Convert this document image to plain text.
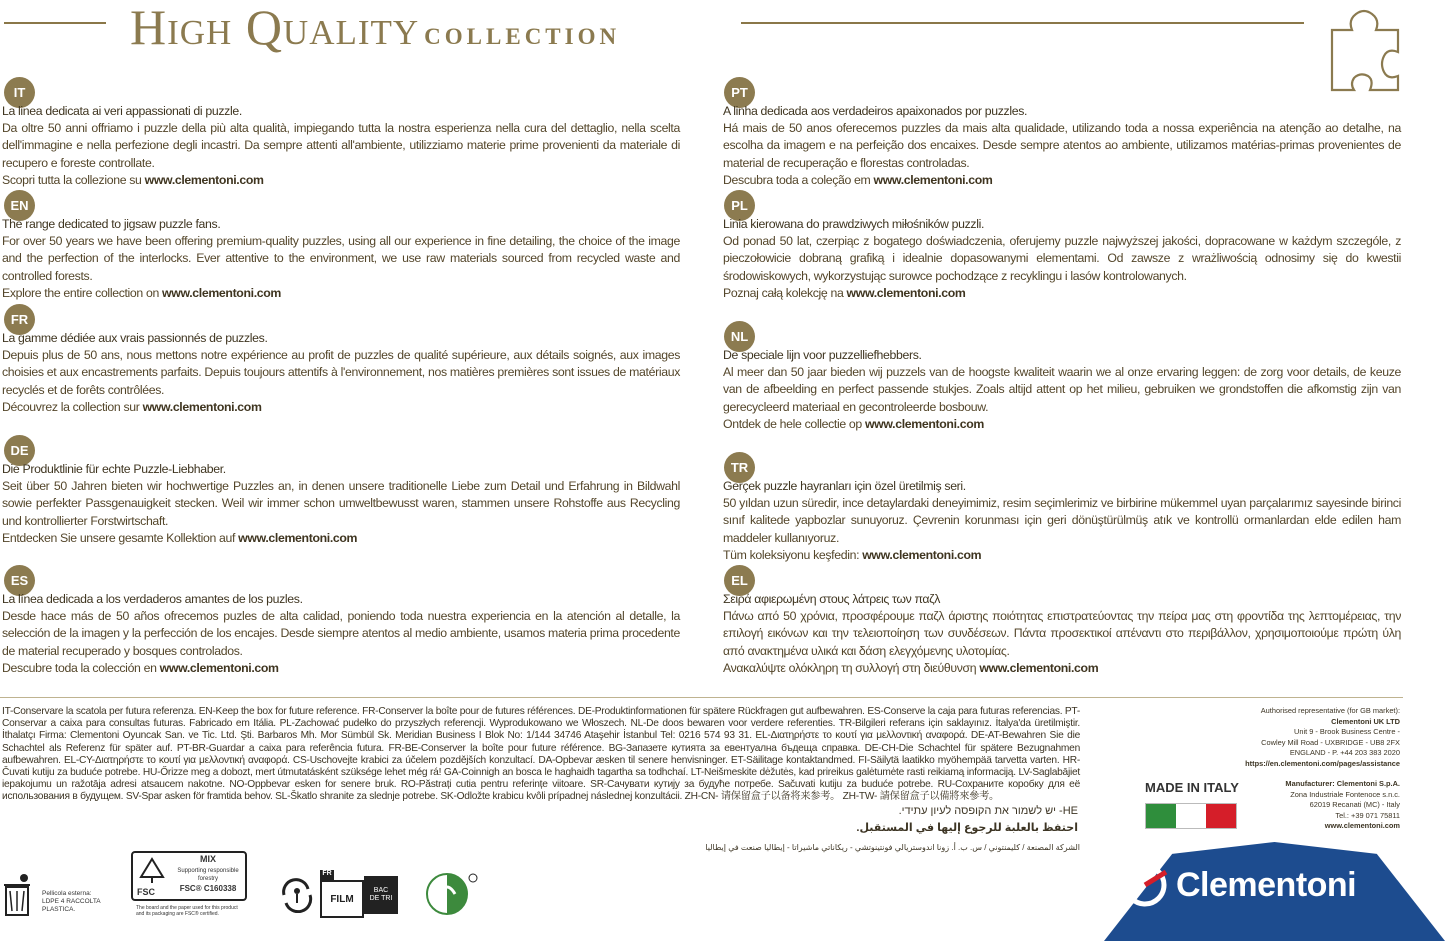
High Quality collection
IT
La linea dedicata ai veri appassionati di puzzle.
Da oltre 50 anni offriamo i puzzle della più alta qualità, impiegando tutta la nostra esperienza nella cura del dettaglio, nella scelta dell'immagine e nella perfezione degli incastri. Da sempre attenti all'ambiente, utilizziamo materie prime provenienti da materiale di recupero e foreste controllate.
Scopri tutta la collezione su www.clementoni.com
EN
The range dedicated to jigsaw puzzle fans.
For over 50 years we have been offering premium-quality puzzles, using all our experience in fine detailing, the choice of the image and the perfection of the interlocks. Ever attentive to the environment, we use raw materials sourced from recycled waste and controlled forests.
Explore the entire collection on www.clementoni.com
FR
La gamme dédiée aux vrais passionnés de puzzles.
Depuis plus de 50 ans, nous mettons notre expérience au profit de puzzles de qualité supérieure, aux détails soignés, aux images choisies et aux encastrements parfaits. Depuis toujours attentifs à l'environnement, nos matières premières sont issues de matériaux recyclés et de forêts contrôlées.
Découvrez la collection sur www.clementoni.com
DE
Die Produktlinie für echte Puzzle-Liebhaber.
Seit über 50 Jahren bieten wir hochwertige Puzzles an, in denen unsere traditionelle Liebe zum Detail und Erfahrung in Bildwahl sowie perfekter Passgenauigkeit stecken. Weil wir immer schon umweltbewusst waren, stammen unsere Rohstoffe aus Recycling und kontrollierter Forstwirtschaft.
Entdecken Sie unsere gesamte Kollektion auf www.clementoni.com
ES
La línea dedicada a los verdaderos amantes de los puzles.
Desde hace más de 50 años ofrecemos puzles de alta calidad, poniendo toda nuestra experiencia en la atención al detalle, la selección de la imagen y la perfección de los encajes. Desde siempre atentos al medio ambiente, usamos materia prima procedente de material recuperado y bosques controlados.
Descubre toda la colección en www.clementoni.com
PT
A linha dedicada aos verdadeiros apaixonados por puzzles.
Há mais de 50 anos oferecemos puzzles da mais alta qualidade, utilizando toda a nossa experiência na atenção ao detalhe, na escolha da imagem e na perfeição dos encaixes. Desde sempre atentos ao ambiente, utilizamos matérias-primas provenientes de material de recuperação e florestas controladas.
Descubra toda a coleção em www.clementoni.com
PL
Linia kierowana do prawdziwych miłośników puzzli.
Od ponad 50 lat, czerpiąc z bogatego doświadczenia, oferujemy puzzle najwyższej jakości, dopracowane w każdym szczególe, z pieczołowicie dobraną grafiką i idealnie dopasowanymi elementami. Od zawsze z wrażliwością odnosimy się do kwestii środowiskowych, wykorzystując surowce pochodzące z recyklingu i lasów kontrolowanych.
Poznaj całą kolekcję na www.clementoni.com
NL
De speciale lijn voor puzzelliefhebbers.
Al meer dan 50 jaar bieden wij puzzels van de hoogste kwaliteit waarin we al onze ervaring leggen: de zorg voor details, de keuze van de afbeelding en perfect passende stukjes. Zoals altijd attent op het milieu, gebruiken we grondstoffen die afkomstig zijn van gerecycleerd materiaal en gecontroleerde bosbouw.
Ontdek de hele collectie op www.clementoni.com
TR
Gerçek puzzle hayranları için özel üretilmiş seri.
50 yıldan uzun süredir, ince detaylardaki deneyimimiz, resim seçimlerimiz ve birbirine mükemmel uyan parçalarımız sayesinde birinci sınıf kalitede yapbozlar sunuyoruz. Çevrenin korunması için geri dönüştürülmüş atık ve kontrollü ormanlardan elde edilen ham maddeler kullanıyoruz.
Tüm koleksiyonu keşfedin: www.clementoni.com
EL
Σειρά αφιερωμένη στους λάτρεις των παζλ
Πάνω από 50 χρόνια, προσφέρουμε παζλ άριστης ποιότητας επιστρατεύοντας την πείρα μας στη φροντίδα της λεπτομέρειας, την επιλογή εικόνων και την τελειοποίηση των συνδέσεων. Πάντα προσεκτικοί απέναντι στο περιβάλλον, χρησιμοποιούμε πρώτη ύλη από ανακτημένα υλικά και δάση ελεγχόμενης υλοτομίας.
Ανακαλύψτε ολόκληρη τη συλλογή στη διεύθυνση www.clementoni.com
IT-Conservare la scatola per futura referenza. EN-Keep the box for future reference. FR-Conserver la boîte pour de futures références. DE-Produktinformationen für spätere Rückfragen gut aufbewahren. ES-Conserve la caja para futuras referencias. PT-Conservar a caixa para consultas futuras. Fabricado em Itália. PL-Zachować pudełko do przyszłych referencji. Wyprodukowano we Włoszech. NL-De doos bewaren voor verdere referenties. TR-Bilgileri referans için saklayınız. İtalya'da üretilmiştir. İthalatçı Firma: Clementoni Oyuncak San. ve Tic. Ltd. Şti. Barbaros Mh. Mor Sümbül Sk. Meridian Business I Blok No: 1/144 34746 Ataşehir İstanbul Tel: 0216 574 93 31. EL-Διατηρήστε το κουτί για μελλοντική αναφορά. DE-AT-Bewahren Sie die Schachtel als Referenz für später auf. PT-BR-Guardar a caixa para referência futura. FR-BE-Conserver la boîte pour future référence. BG-Запазете кутията за евентуална бъдеща справка. DE-CH-Die Schachtel für spätere Bezugnahmen aufbewahren. EL-CY-Διατηρήστε το κουτί για μελλοντική αναφορά. CS-Uschovejte krabici za účelem pozdějších konzultací. DA-Opbevar æsken til senere henvisninger. ET-Säilitage kontaktandmed. FI-Säilytä laatikko myöhempää tarvetta varten. HR-Čuvati kutiju za buduće potrebe. HU-Őrizze meg a dobozt, mert útmutatásként szüksége lehet még rá! GA-Coinnigh an bosca le haghaidh tagartha sa todhchaí. LT-Neišmeskite dėžutės, kad prireikus galėtumėte rasti reikiamą informaciją. LV-Saglabājiet iepakojumu un ražotāja adresi atsaucem nakotne. NO-Oppbevar esken for senere bruk. RO-Păstrați cutia pentru referințe viitoare. SR-Сачувати кутију за будуће потребе. Sačuvati kutiju za buduće potrebe. RU-Сохраните коробку для её использования в будущем. SV-Spar asken för framtida behov. SL-Škatlo shranite za slednje potrebe. SK-Odložte krabicu kvôli prípadnej následnej konzultácii. ZH-CN- 请保留盒子以备将来参考。 ZH-TW- 請保留盒子以備將來參考。
HE- יש לשמור את הקופסה לעיון עתידי.
احتفظ بالعلبة للرجوع إليها في المستقبل.
الشركة المصنعة / كليمنتوني / س. ب. أ. زونا اندوستريالي فونتينوتشي - ريكاناتي ماشيراتا - إيطاليا صنعت في إيطاليا
Authorised representative (for GB market):
Clementoni UK LTD
Unit 9 - Brook Business Centre -
Cowley Mill Road - UXBRIDGE - UB8 2FX
ENGLAND - P. +44 203 383 2020
https://en.clementoni.com/pages/assistance
Manufacturer: Clementoni S.p.A.
Zona Industriale Fontenoce s.n.c.
62019 Recanati (MC) - Italy
Tel.: +39 071 75811
www.clementoni.com
MADE IN ITALY
Clementoni
Pellicola esterna: LDPE 4 RACCOLTA PLASTICA.
FSC
MIX
Supporting responsible forestry
FSC® C160338
The board and the paper used for this product and its packaging are FSC® certified.
FR
FILM
BAC DE TRI
